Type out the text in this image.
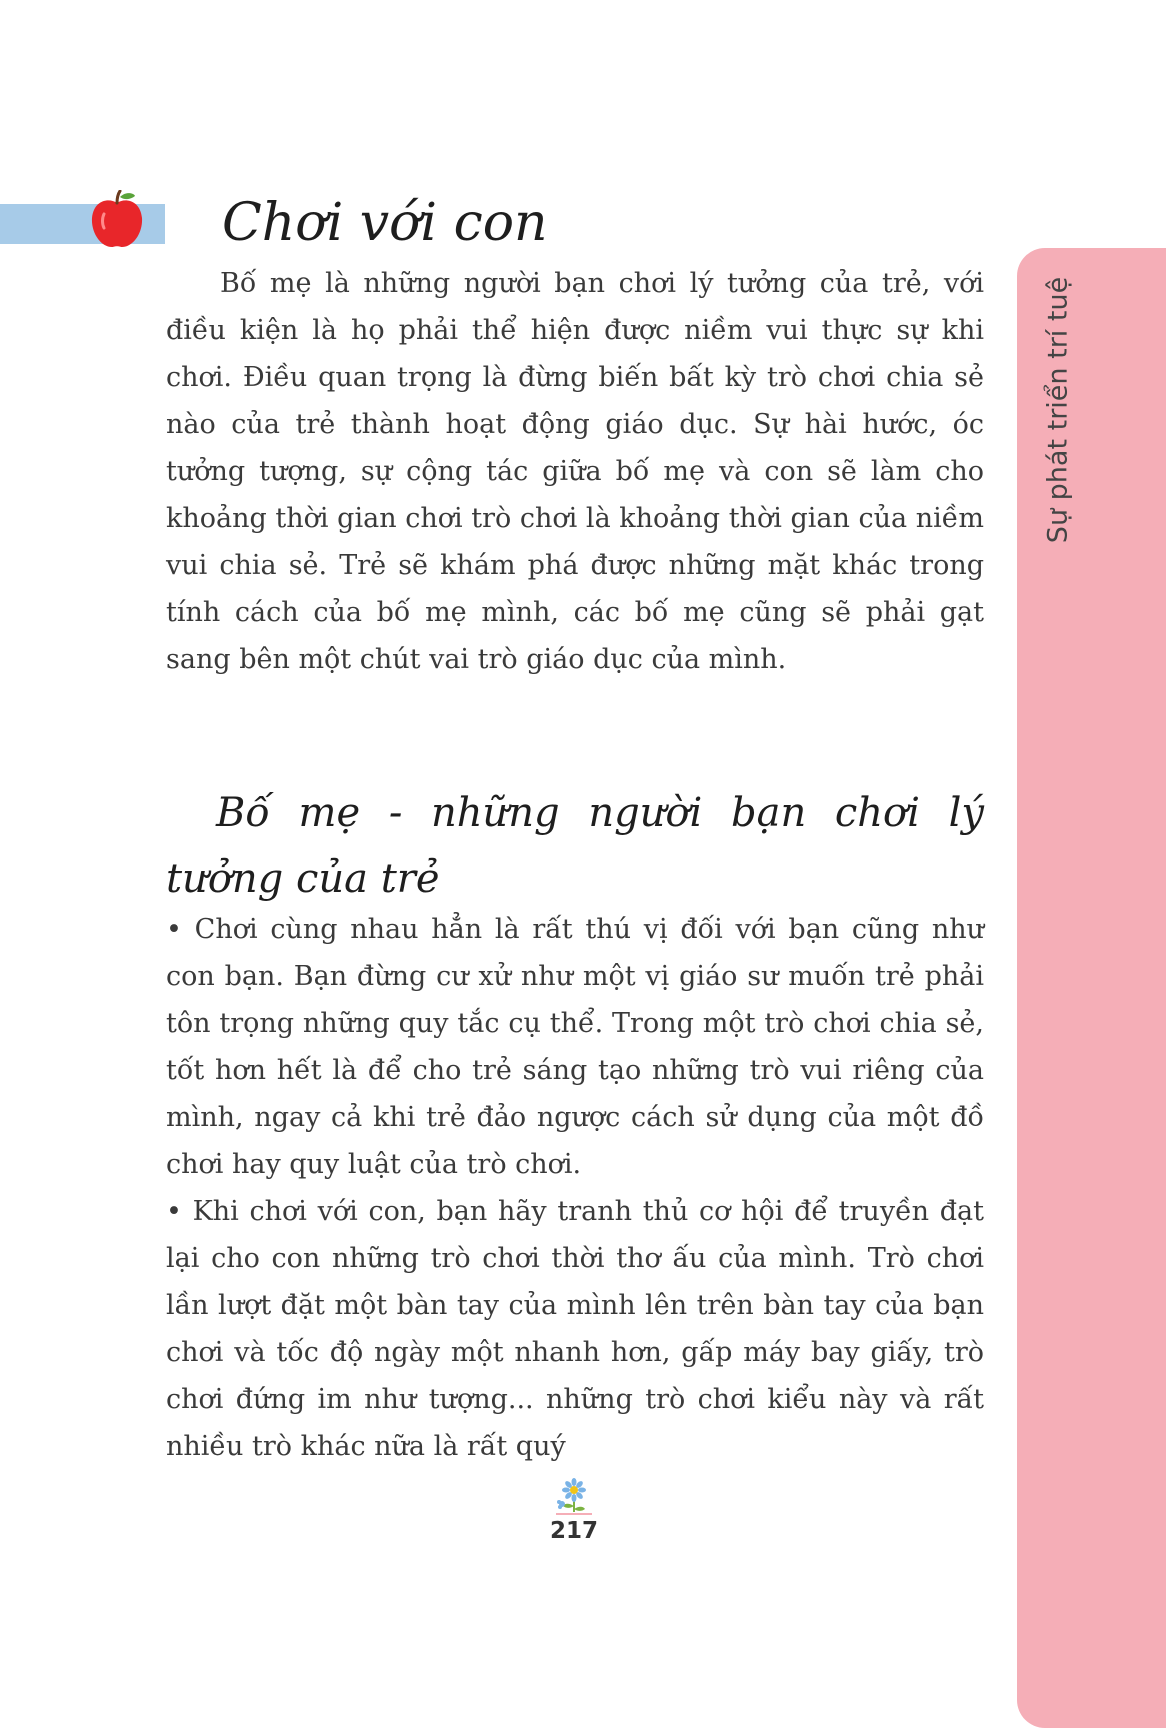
Chơi với con
Sự phát triển trí tuệ

Bố mẹ là những người bạn chơi lý tưởng của trẻ, với điều kiện là họ phải thể hiện được niềm vui thực sự khi chơi. Điều quan trọng là đừng biến bất kỳ trò chơi chia sẻ nào của trẻ thành hoạt động giáo dục. Sự hài hước, óc tưởng tượng, sự cộng tác giữa bố mẹ và con sẽ làm cho khoảng thời gian chơi trò chơi là khoảng thời gian của niềm vui chia sẻ. Trẻ sẽ khám phá được những mặt khác trong tính cách của bố mẹ mình, các bố mẹ cũng sẽ phải gạt sang bên một chút vai trò giáo dục của mình.

Bố mẹ - những người bạn chơi lý tưởng của trẻ

• Chơi cùng nhau hẳn là rất thú vị đối với bạn cũng như con bạn. Bạn đừng cư xử như một vị giáo sư muốn trẻ phải tôn trọng những quy tắc cụ thể. Trong một trò chơi chia sẻ, tốt hơn hết là để cho trẻ sáng tạo những trò vui riêng của mình, ngay cả khi trẻ đảo ngược cách sử dụng của một đồ chơi hay quy luật của trò chơi.

• Khi chơi với con, bạn hãy tranh thủ cơ hội để truyền đạt lại cho con những trò chơi thời thơ ấu của mình. Trò chơi lần lượt đặt một bàn tay của mình lên trên bàn tay của bạn chơi và tốc độ ngày một nhanh hơn, gấp máy bay giấy, trò chơi đứng im như tượng... những trò chơi kiểu này và rất nhiều trò khác nữa là rất quý

217
